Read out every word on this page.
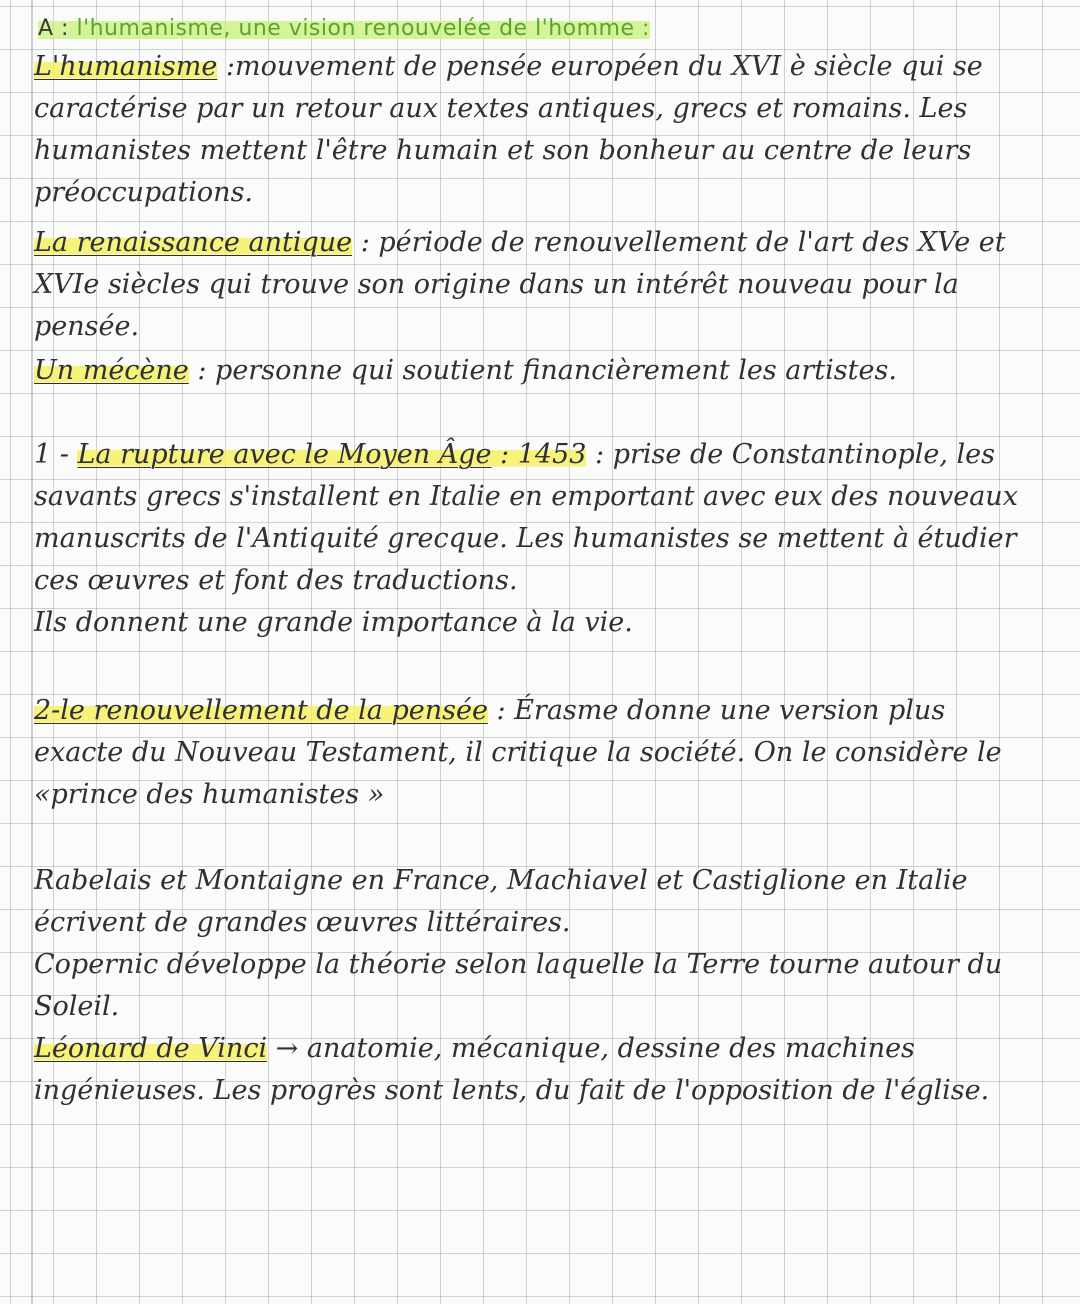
A : l'humanisme, une vision renouvelée de l'homme :

L'humanisme :mouvement de pensée européen du XVI è siècle qui se caractérise par un retour aux textes antiques, grecs et romains. Les humanistes mettent l'être humain et son bonheur au centre de leurs préoccupations.

La renaissance antique : période de renouvellement de l'art des XVe et XVIe siècles qui trouve son origine dans un intérêt nouveau pour la pensée.

Un mécène : personne qui soutient financièrement les artistes.

1 - La rupture avec le Moyen Âge : 1453 : prise de Constantinople, les savants grecs s'installent en Italie en emportant avec eux des nouveaux manuscrits de l'Antiquité grecque. Les humanistes se mettent à étudier ces œuvres et font des traductions.

Ils donnent une grande importance à la vie.

2-le renouvellement de la pensée : Érasme donne une version plus exacte du Nouveau Testament, il critique la société. On le considère le «prince des humanistes »

Rabelais et Montaigne en France, Machiavel et Castiglione en Italie écrivent de grandes œuvres littéraires.

Copernic développe la théorie selon laquelle la Terre tourne autour du Soleil.

Léonard de Vinci → anatomie, mécanique, dessine des machines ingénieuses. Les progrès sont lents, du fait de l'opposition de l'église.
